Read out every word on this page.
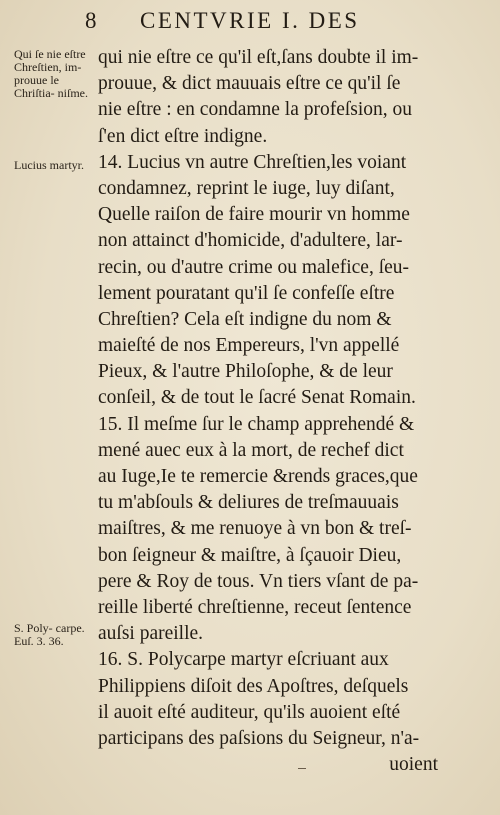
8 CENTVRIE I. DES
Qui ſe nie eſtre Chreſtien, im- prouue le Chriſtia- niſme.
Lucius martyr.
S. Poly- carpe. Euſ. 3. 36.
qui nie eſtre ce qu'il eſt,ſans doubte il im-
prouue, & dict mauuais eſtre ce qu'il ſe
nie eſtre : en condamne la profeſsion, ou
ſ'en dict eſtre indigne.
14. Lucius vn autre Chreſtien,les voiant
condamnez, reprint le iuge, luy diſant,
Quelle raiſon de faire mourir vn homme
non attainct d'homicide, d'adultere, lar-
recin, ou d'autre crime ou malefice, ſeu-
lement pouratant qu'il ſe confeſſe eſtre
Chreſtien? Cela eſt indigne du nom &
maieſté de nos Empereurs, l'vn appellé
Pieux, & l'autre Philoſophe, & de leur
conſeil, & de tout le ſacré Senat Romain.
15. Il meſme ſur le champ apprehendé &
mené auec eux à la mort, de rechef dict
au Iuge,Ie te remercie &rends graces,que
tu m'abſouls & deliures de treſmauuais
maiſtres, & me renuoye à vn bon & treſ-
bon ſeigneur & maiſtre, à ſçauoir Dieu,
pere & Roy de tous. Vn tiers vſant de pa-
reille liberté chreſtienne, receut ſentence
auſsi pareille.
16. S. Polycarpe martyr eſcriuant aux
Philippiens diſoit des Apoſtres, deſquels
il auoit eſté auditeur, qu'ils auoient eſté
participans des paſsions du Seigneur, n'a-
uoient
